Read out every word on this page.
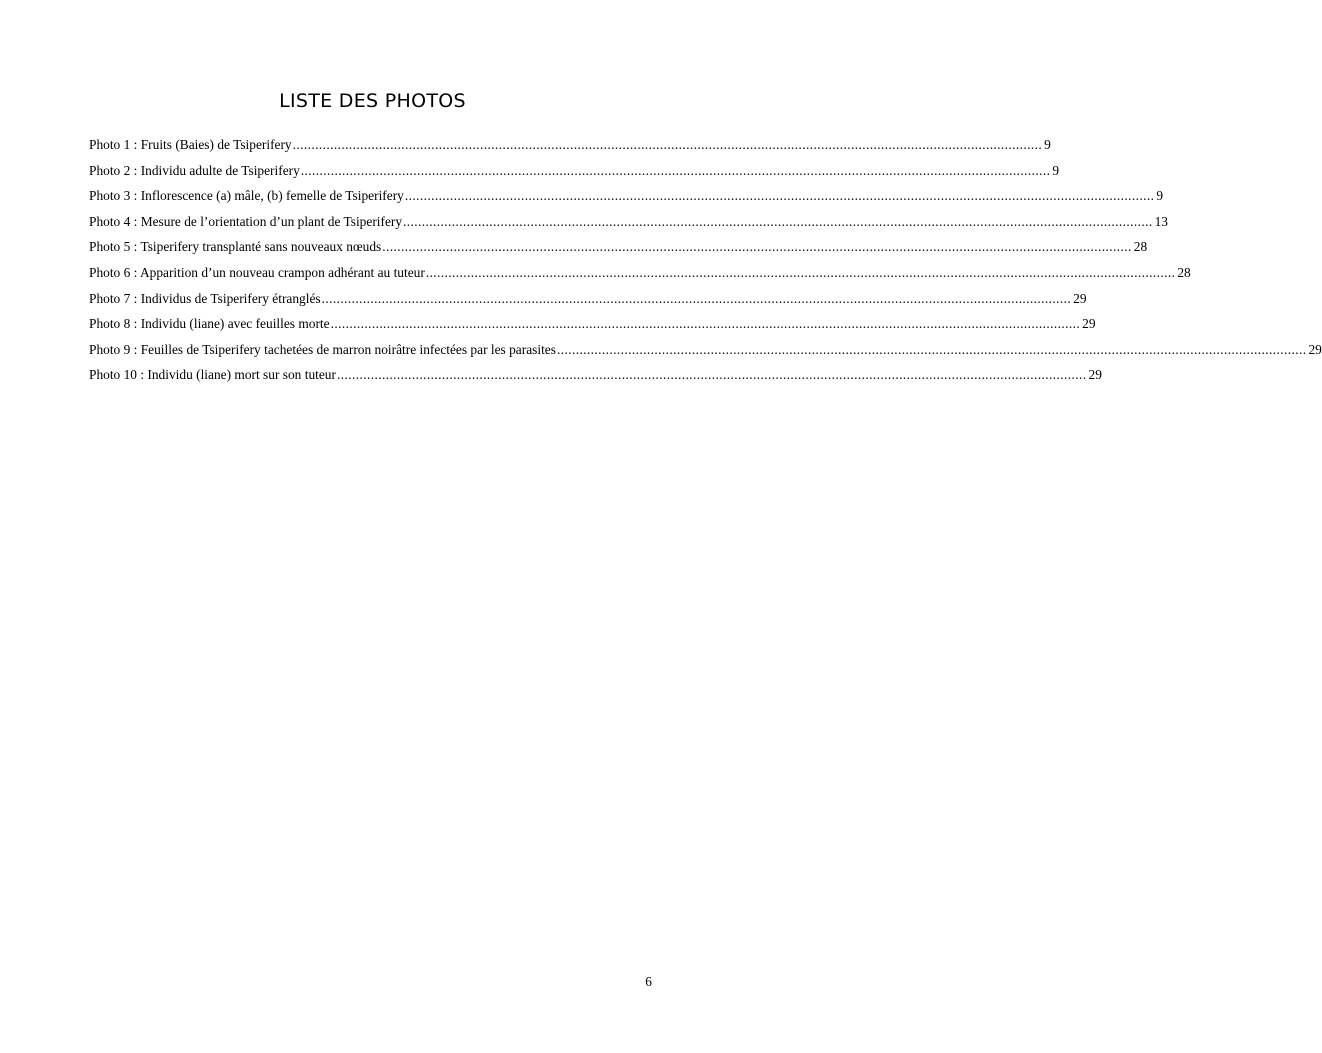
LISTE DES PHOTOS
Photo 1 : Fruits (Baies) de Tsiperifery ........................................................................................................................................................................................................ 9
Photo 2 : Individu adulte de Tsiperifery ........................................................................................................................................................................................................ 9
Photo 3 : Inflorescence (a) mâle, (b) femelle de Tsiperifery ........................................................................................................................................................................................................ 9
Photo 4 : Mesure de l’orientation d’un plant de Tsiperifery ........................................................................................................................................................................................................ 13
Photo 5 : Tsiperifery transplanté sans nouveaux nœuds ........................................................................................................................................................................................................ 28
Photo 6 : Apparition d’un nouveau crampon adhérant au tuteur ........................................................................................................................................................................................................ 28
Photo 7 : Individus de Tsiperifery étranglés ........................................................................................................................................................................................................ 29
Photo 8 : Individu (liane) avec feuilles morte ........................................................................................................................................................................................................ 29
Photo 9 : Feuilles de Tsiperifery tachetées de marron noirâtre infectées par les parasites ........................................................................................................................................................................................................ 29
Photo 10 : Individu (liane) mort sur son tuteur ........................................................................................................................................................................................................ 29
6
